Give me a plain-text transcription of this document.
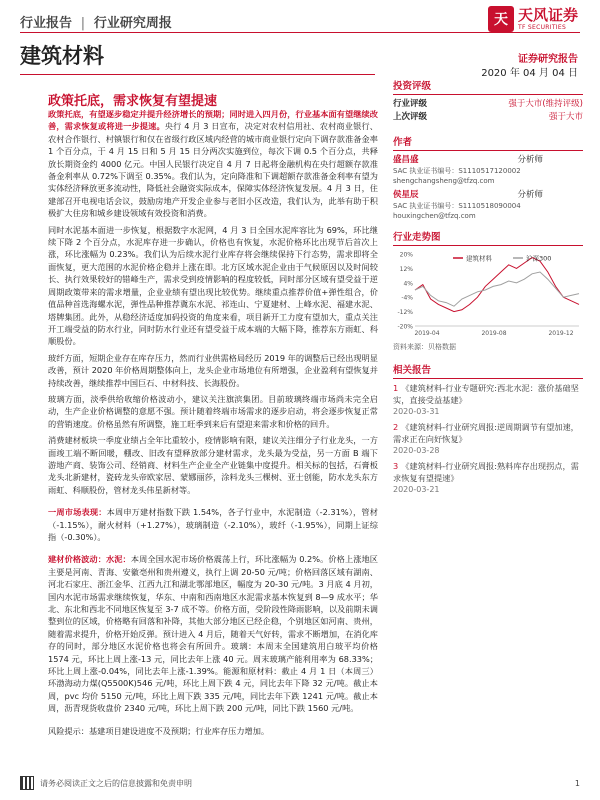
行业报告 | 行业研究周报	天 天风证券
TF SECURITIES
建筑材料	证券研究报告
2020 年 04 月 04 日
政策托底，需求恢复有望提速

政策托底，有望逐步稳定并提升经济增长的预期；同时进入四月份，行业基本面有望继续改善，需求恢复或将进一步提速。央行 4 月 3 日宣布，决定对农村信用社、农村商业银行、农村合作银行、村镇银行和仅在省级行政区域内经营的城市商业银行定向下调存款准备金率 1 个百分点，于 4 月 15 日和 5 月 15 日分两次实施到位，每次下调 0.5 个百分点，共释放长期资金约 4000 亿元。中国人民银行决定自 4 月 7 日起将金融机构在央行超额存款准备金利率从 0.72%下调至 0.35%。我们认为，定向降准和下调超额存款准备金利率有望为实体经济释放更多流动性，降低社会融资实际成本，保障实体经济恢复发展。4 月 3 日，住建部召开电视电话会议，鼓励房地产开发企业参与老旧小区改造，我们认为，此举有助于积极扩大住房和城乡建设领域有效投资和消费。

同时水泥基本面进一步恢复，根据数字水泥网，4 月 3 日全国水泥库容比为 69%，环比继续下降 2 个百分点，水泥库存进一步确认，价格也有恢复，水泥价格环比出现节后首次上涨，环比涨幅为 0.23%。我们认为后续水泥行业库存将会继续保持下行态势，需求即将全面恢复，更大范围的水泥价格企稳并上涨在即。北方区域水泥企业由于气候原因以及时间较长、执行效果较好的错峰生产，需求受到疫情影响的程度较低，同时部分区域有望受益于逆周期政策带来的需求增量，企业业绩有望出现比较优势。继续重点推荐价值+弹性组合，价值品种首选海螺水泥，弹性品种推荐冀东水泥、祁连山、宁夏建材、上峰水泥、福建水泥、塔牌集团。此外，从稳经济适度加码投资的角度来看，项目新开工力度有望加大，重点关注开工端受益的防水行业，同时防水行业还有望受益于成本端的大幅下降，推荐东方雨虹、科顺股份。

玻纤方面，短期企业存在库存压力，然而行业供需格局经历 2019 年的调整后已经出现明显改善，预计 2020 年价格周期整体向上，龙头企业市场地位有所增强，企业盈利有望恢复并持续改善，继续推荐中国巨石、中材科技、长海股份。

玻璃方面，淡季供给收缩价格波动小，建议关注旗滨集团。目前玻璃终端市场尚未完全启动，生产企业价格调整的意愿不强。预计随着终端市场需求的逐步启动，将会逐步恢复正常的营销速度。价格虽然有所调整，施工旺季到来后有望迎来需求和价格的回升。

消费建材板块一季度业绩占全年比重较小，疫情影响有限，建议关注细分子行业龙头，一方面竣工端不断回暖，棚改、旧改有望释放部分建材需求，龙头最为受益，另一方面 B 端下游地产商、装饰公司、经销商、材料生产企业全产业链集中度提升。相关标的包括，石膏板龙头北新建材，瓷砖龙头帝欧家居、蒙娜丽莎，涂料龙头三棵树、亚士创能，防水龙头东方雨虹、科顺股份，管材龙头伟星新材等。

一周市场表现：本周申万建材指数下跌 1.54%，各子行业中，水泥制造（-2.31%），管材（-1.15%），耐火材料（+1.27%），玻璃制造（-2.10%），玻纤（-1.95%），同期上证综指（-0.30%）。

建材价格波动：水泥：本周全国水泥市场价格震荡上行，环比涨幅为 0.2%。价格上涨地区主要是河南、青海、安徽亳州和贵州遵义，执行上调 20-50 元/吨；价格回落区域有湖南、河北石家庄、浙江金华、江西九江和湖北鄂部地区，幅度为 20-30 元/吨。3 月底 4 月初，国内水泥市场需求继续恢复，华东、中南和西南地区水泥需求基本恢复到 8—9 成水平；华北、东北和西北不同地区恢复至 3-7 成不等。价格方面，受阶段性降雨影响，以及前期未调整到位的区域，价格略有回落和补降，其他大部分地区已经企稳，个别地区如河南、贵州，随着需求提升，价格开始反弹。预计进入 4 月后，随着天气好转，需求不断增加，在消化库存的同时，部分地区水泥价格也将会有所回升。玻璃：本周末全国建筑用白玻平均价格 1574 元，环比上周上涨-13 元，同比去年上涨 40 元。周末玻璃产能利用率为 68.33%；环比上周上涨-0.04%，同比去年上涨-1.39%。能源和原材料：截止 4 月 1 日（本周三）环渤海动力煤(Q5500K)546 元/吨，环比上周下跌 4 元，同比去年下降 32 元/吨。截止本周，pvc 均价 5150 元/吨，环比上周下跌 335 元/吨，同比去年下跌 1241 元/吨。截止本周，沥青现货收盘价 2340 元/吨，环比上周下跌 200 元/吨，同比下跌 1560 元/吨。

风险提示：基建项目建设进度不及预期；行业库存压力增加。

投资评级
行业评级	强于大市(维持评级)
上次评级	强于大市
作者
盛昌盛	分析师
SAC 执业证书编号：S1110517120002
shengchangsheng@tfzq.com
侯星辰	分析师
SAC 执业证书编号：S1110518090004
houxingchen@tfzq.com
行业走势图
20%
12%
4%
-4%
-12%
-20%
2019-04	2019-08	2019-12
建筑材料	沪深300
资料来源：贝格数据
相关报告
1 《建筑材料-行业专题研究:西北水泥：涨价基础坚实，直接受益基建》
2020-03-31
2 《建筑材料-行业研究周报:逆周期调节有望加速，需求正在向好恢复》
2020-03-28
3 《建筑材料-行业研究周报:熟料库存出现拐点，需求恢复有望提速》
2020-03-21
请务必阅读正文之后的信息披露和免责申明	1
